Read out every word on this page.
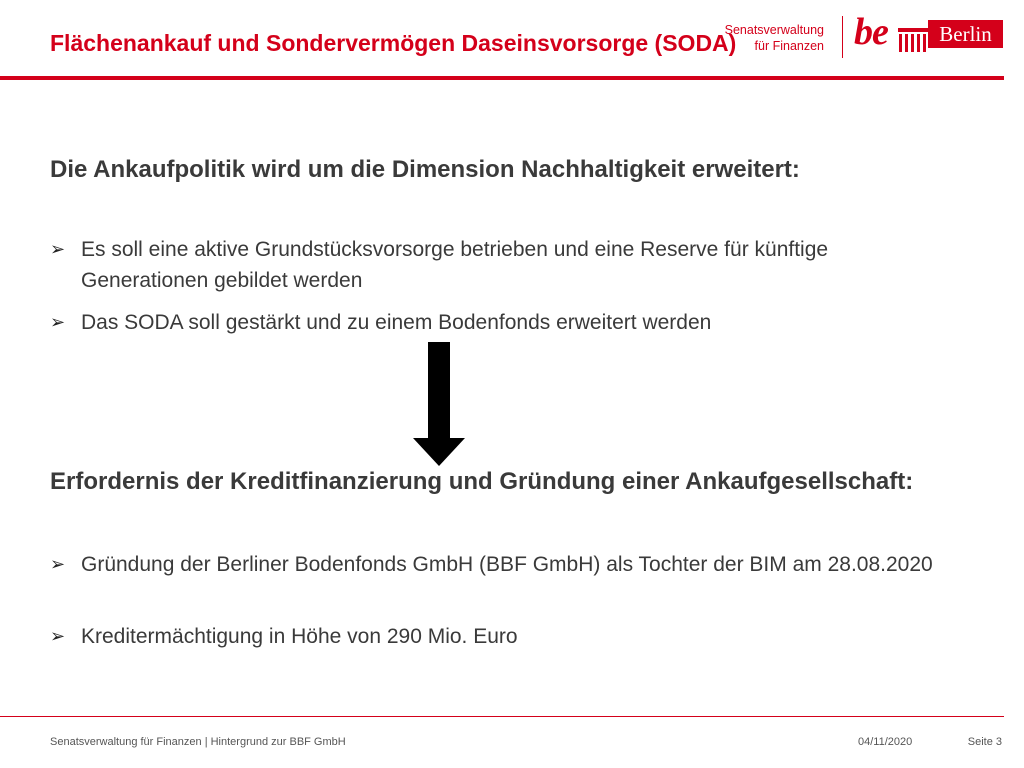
Flächenankauf und Sondervermögen Daseinsvorsorge (SODA)
Senatsverwaltung
für Finanzen be	Berlin
Die Ankaufpolitik wird um die Dimension Nachhaltigkeit erweitert:
➢ Es soll eine aktive Grundstücksvorsorge betrieben und eine Reserve für künftige Generationen gebildet werden
➢ Das SODA soll gestärkt und zu einem Bodenfonds erweitert werden
Erfordernis der Kreditfinanzierung und Gründung einer Ankaufgesellschaft:
➢ Gründung der Berliner Bodenfonds GmbH (BBF GmbH) als Tochter der BIM am 28.08.2020
➢ Kreditermächtigung in Höhe von 290 Mio. Euro
Senatsverwaltung für Finanzen | Hintergrund zur BBF GmbH	04/11/2020	Seite 3
